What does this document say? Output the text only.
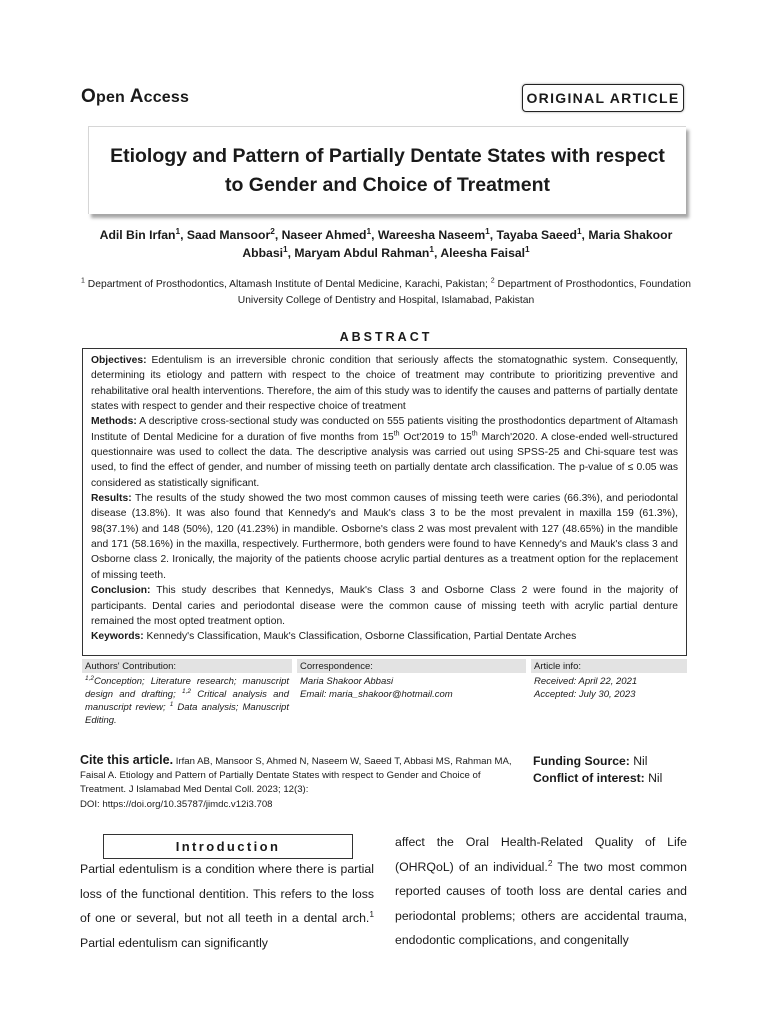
Open Access	ORIGINAL ARTICLE
Etiology and Pattern of Partially Dentate States with respect to Gender and Choice of Treatment
Adil Bin Irfan$^1$, Saad Mansoor$^2$, Naseer Ahmed$^1$, Wareesha Naseem$^1$, Tayaba Saeed$^1$, Maria Shakoor Abbasi$^1$, Maryam Abdul Rahman$^1$, Aleesha Faisal$^1$
$^1$ Department of Prosthodontics, Altamash Institute of Dental Medicine, Karachi, Pakistan; $^2$ Department of Prosthodontics, Foundation University College of Dentistry and Hospital, Islamabad, Pakistan
ABSTRACT

Objectives: Edentulism is an irreversible chronic condition that seriously affects the stomatognathic system. Consequently, determining its etiology and pattern with respect to the choice of treatment may contribute to prioritizing preventive and rehabilitative oral health interventions. Therefore, the aim of this study was to identify the causes and patterns of partially dentate states with respect to gender and their respective choice of treatment

Methods: A descriptive cross-sectional study was conducted on 555 patients visiting the prosthodontics department of Altamash Institute of Dental Medicine for a duration of five months from 15th Oct'2019 to 15th March'2020. A close-ended well-structured questionnaire was used to collect the data. The descriptive analysis was carried out using SPSS-25 and Chi-square test was used, to find the effect of gender, and number of missing teeth on partially dentate arch classification. The p-value of ≤ 0.05 was considered as statistically significant.

Results: The results of the study showed the two most common causes of missing teeth were caries (66.3%), and periodontal disease (13.8%). It was also found that Kennedy's and Mauk's class 3 to be the most prevalent in maxilla 159 (61.3%), 98(37.1%) and 148 (50%), 120 (41.23%) in mandible. Osborne's class 2 was most prevalent with 127 (48.65%) in the mandible and 171 (58.16%) in the maxilla, respectively. Furthermore, both genders were found to have Kennedy's and Mauk's class 3 and Osborne class 2. Ironically, the majority of the patients choose acrylic partial dentures as a treatment option for the replacement of missing teeth.

Conclusion: This study describes that Kennedys, Mauk's Class 3 and Osborne Class 2 were found in the majority of participants. Dental caries and periodontal disease were the common cause of missing teeth with acrylic partial denture remained the most opted treatment option.

Keywords: Kennedy's Classification, Mauk's Classification, Osborne Classification, Partial Dentate Arches

Authors' Contribution:
$^{1,2}$Conception; Literature research; manuscript design and drafting; $^{1,2}$ Critical analysis and manuscript review; $^1$ Data analysis; Manuscript Editing.
Correspondence:
Maria Shakoor Abbasi
Email: maria_shakoor@hotmail.com
Article info:
Received: April 22, 2021
Accepted: July 30, 2023
Cite this article. Irfan AB, Mansoor S, Ahmed N, Naseem W, Saeed T, Abbasi MS, Rahman MA, Faisal A. Etiology and Pattern of Partially Dentate States with respect to Gender and Choice of Treatment. J Islamabad Med Dental Coll. 2023; 12(3):
DOI: https://doi.org/10.35787/jimdc.v12i3.708
Funding Source: Nil
Conflict of interest: Nil
Introduction
Partial edentulism is a condition where there is partial loss of the functional dentition. This refers to the loss of one or several, but not all teeth in a dental arch.$^1$ Partial edentulism can significantly
affect the Oral Health-Related Quality of Life (OHRQoL) of an individual.$^2$ The two most common reported causes of tooth loss are dental caries and periodontal problems; others are accidental trauma, endodontic complications, and congenitally
